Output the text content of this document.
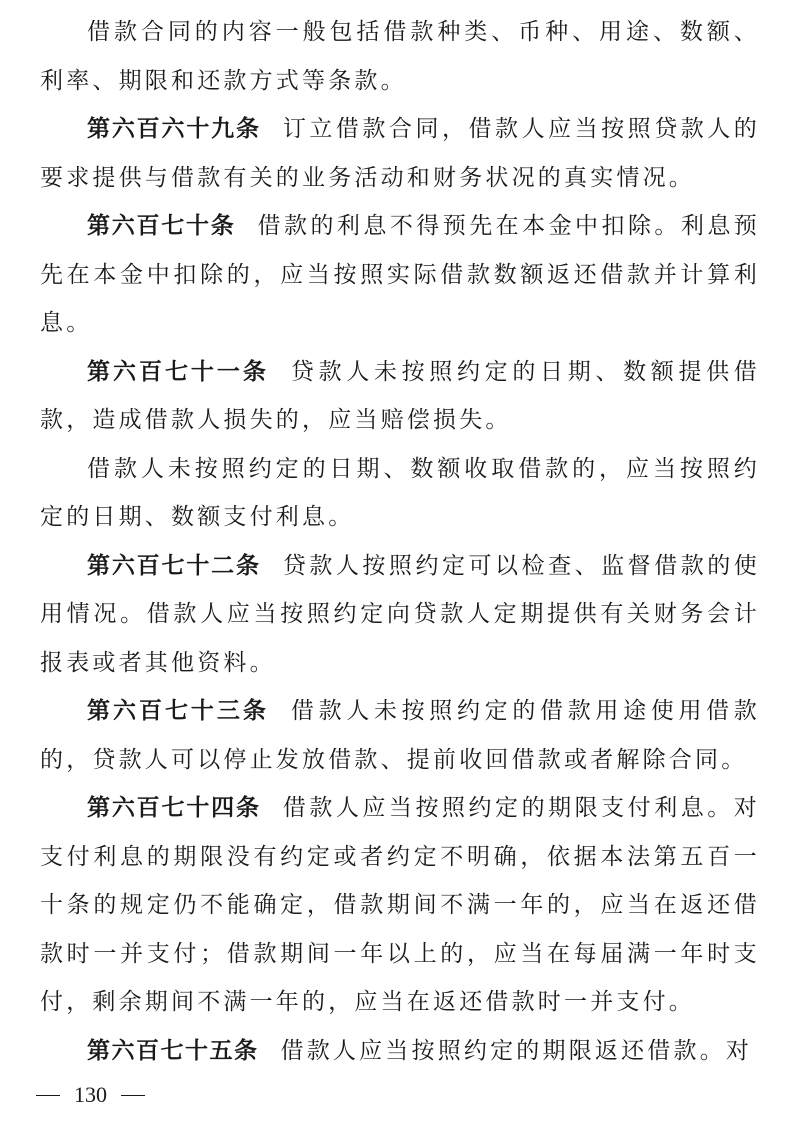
借款合同的内容一般包括借款种类、币种、用途、数额、利率、期限和还款方式等条款。

第六百六十九条 订立借款合同，借款人应当按照贷款人的要求提供与借款有关的业务活动和财务状况的真实情况。

第六百七十条 借款的利息不得预先在本金中扣除。利息预先在本金中扣除的，应当按照实际借款数额返还借款并计算利息。

第六百七十一条 贷款人未按照约定的日期、数额提供借款，造成借款人损失的，应当赔偿损失。

借款人未按照约定的日期、数额收取借款的，应当按照约定的日期、数额支付利息。

第六百七十二条 贷款人按照约定可以检查、监督借款的使用情况。借款人应当按照约定向贷款人定期提供有关财务会计报表或者其他资料。

第六百七十三条 借款人未按照约定的借款用途使用借款的，贷款人可以停止发放借款、提前收回借款或者解除合同。

第六百七十四条 借款人应当按照约定的期限支付利息。对支付利息的期限没有约定或者约定不明确，依据本法第五百一十条的规定仍不能确定，借款期间不满一年的，应当在返还借款时一并支付；借款期间一年以上的，应当在每届满一年时支付，剩余期间不满一年的，应当在返还借款时一并支付。

第六百七十五条 借款人应当按照约定的期限返还借款。对

130
